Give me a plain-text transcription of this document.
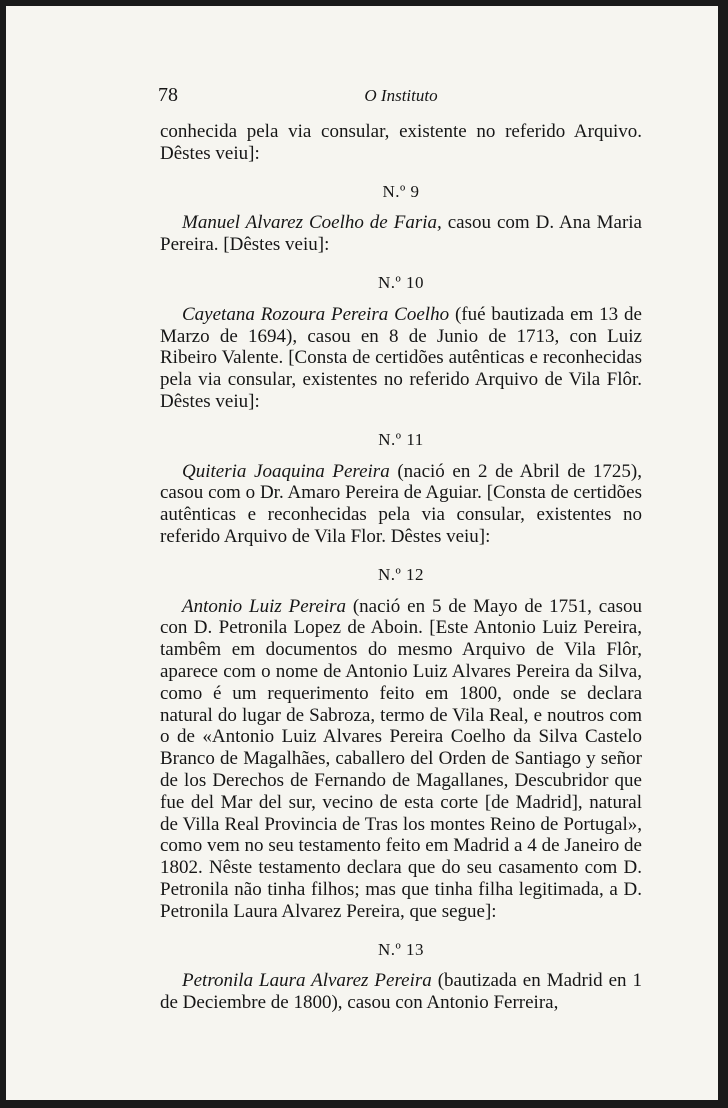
78	O Instituto

conhecida pela via consular, existente no referido Arquivo. Dêstes veiu]:

N.º 9

Manuel Alvarez Coelho de Faria, casou com D. Ana Maria Pereira. [Dêstes veiu]:

N.º 10

Cayetana Rozoura Pereira Coelho (fué bautizada em 13 de Marzo de 1694), casou en 8 de Junio de 1713, con Luiz Ribeiro Valente. [Consta de certidões autênticas e reconhecidas pela via consular, existentes no referido Arquivo de Vila Flôr. Dêstes veiu]:

N.º 11

Quiteria Joaquina Pereira (nació en 2 de Abril de 1725), casou com o Dr. Amaro Pereira de Aguiar. [Consta de certidões autênticas e reconhecidas pela via consular, existentes no referido Arquivo de Vila Flor. Dêstes veiu]:

N.º 12

Antonio Luiz Pereira (nació en 5 de Mayo de 1751, casou con D. Petronila Lopez de Aboin. [Este Antonio Luiz Pereira, tambêm em documentos do mesmo Arquivo de Vila Flôr, aparece com o nome de Antonio Luiz Alvares Pereira da Silva, como é um requerimento feito em 1800, onde se declara natural do lugar de Sabroza, termo de Vila Real, e noutros com o de «Antonio Luiz Alvares Pereira Coelho da Silva Castelo Branco de Magalhães, caballero del Orden de Santiago y señor de los Derechos de Fernando de Magallanes, Descubridor que fue del Mar del sur, vecino de esta corte [de Madrid], natural de Villa Real Provincia de Tras los montes Reino de Portugal», como vem no seu testamento feito em Madrid a 4 de Janeiro de 1802. Nêste testamento declara que do seu casamento com D. Petronila não tinha filhos; mas que tinha filha legitimada, a D. Petronila Laura Alvarez Pereira, que segue]:

N.º 13

Petronila Laura Alvarez Pereira (bautizada en Madrid en 1 de Deciembre de 1800), casou con Antonio Ferreira,
